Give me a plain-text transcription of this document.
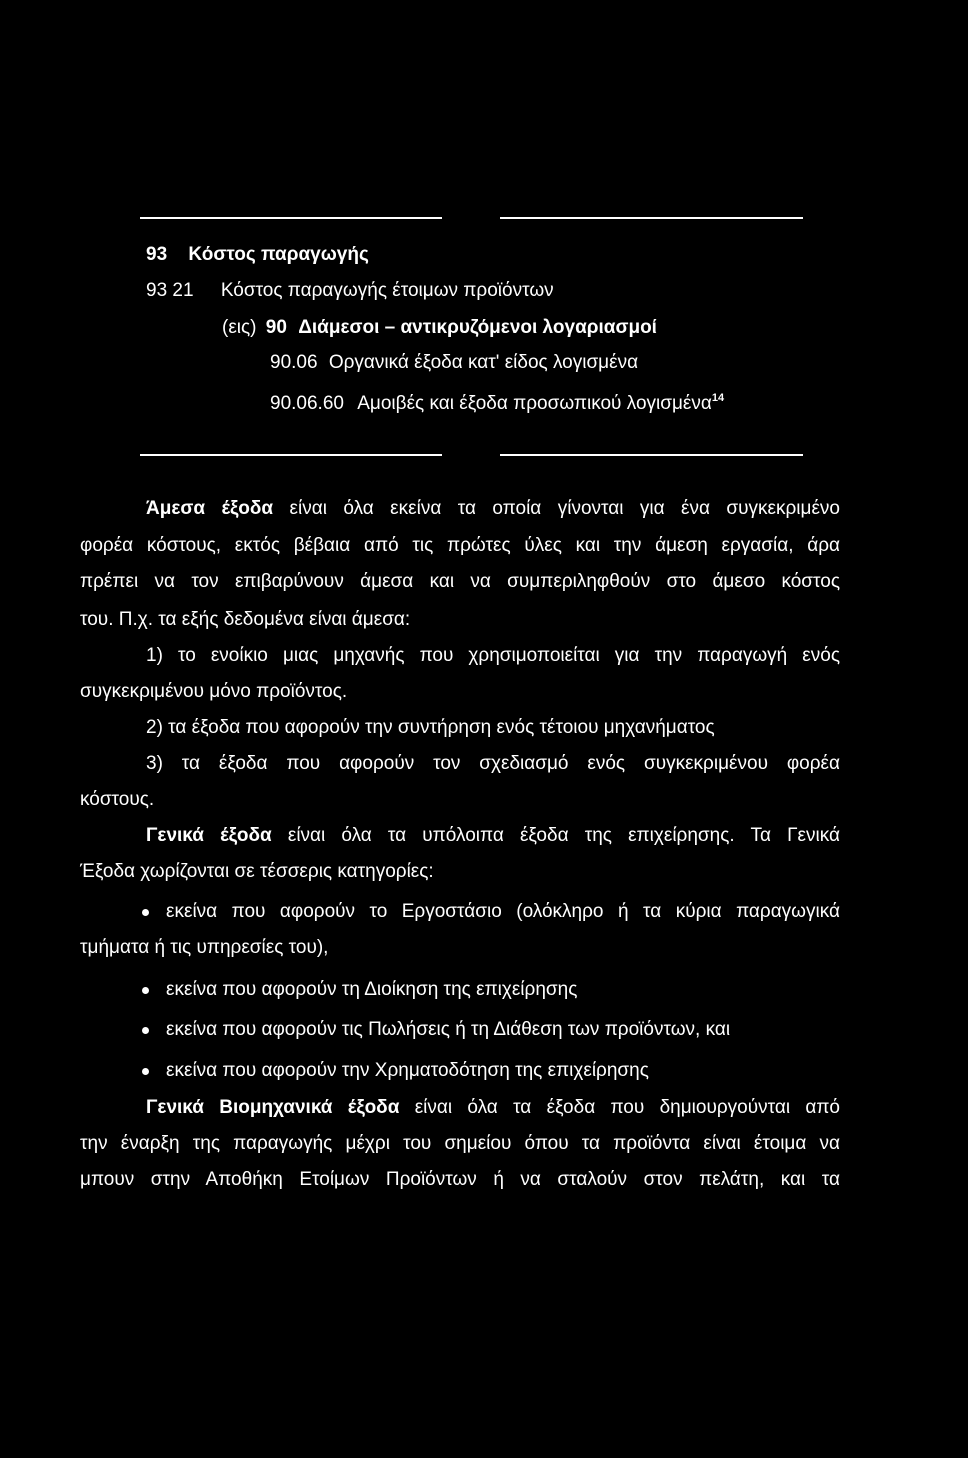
93 Κόστος παραγωγής
93 21 Κόστος παραγωγής έτοιμων προϊόντων
(εις) 90 Διάμεσοι – αντικρυζόμενοι λογαριασμοί
90.06 Οργανικά έξοδα κατ' είδος λογισμένα
90.06.60 Αμοιβές και έξοδα προσωπικού λογισμένα$^{14}$
Άμεσα έξοδα είναι όλα εκείνα τα οποία γίνονται για ένα συγκεκριμένο
φορέα κόστους, εκτός βέβαια από τις πρώτες ύλες και την άμεση εργασία, άρα
πρέπει να τον επιβαρύνουν άμεσα και να συμπεριληφθούν στο άμεσο κόστος
του. Π.χ. τα εξής δεδομένα είναι άμεσα:
1) το ενοίκιο μιας μηχανής που χρησιμοποιείται για την παραγωγή ενός
συγκεκριμένου μόνο προϊόντος.
2) τα έξοδα που αφορούν την συντήρηση ενός τέτοιου μηχανήματος
3) τα έξοδα που αφορούν τον σχεδιασμό ενός συγκεκριμένου φορέα
κόστους.
Γενικά έξοδα είναι όλα τα υπόλοιπα έξοδα της επιχείρησης. Τα Γενικά
Έξοδα χωρίζονται σε τέσσερις κατηγορίες:
εκείνα που αφορούν το Εργοστάσιο (ολόκληρο ή τα κύρια παραγωγικά
τμήματα ή τις υπηρεσίες του),
εκείνα που αφορούν τη Διοίκηση της επιχείρησης
εκείνα που αφορούν τις Πωλήσεις ή τη Διάθεση των προϊόντων, και
εκείνα που αφορούν την Χρηματοδότηση της επιχείρησης
Γενικά Βιομηχανικά έξοδα είναι όλα τα έξοδα που δημιουργούνται από
την έναρξη της παραγωγής μέχρι του σημείου όπου τα προϊόντα είναι έτοιμα να
μπουν στην Αποθήκη Ετοίμων Προϊόντων ή να σταλούν στον πελάτη, και τα
